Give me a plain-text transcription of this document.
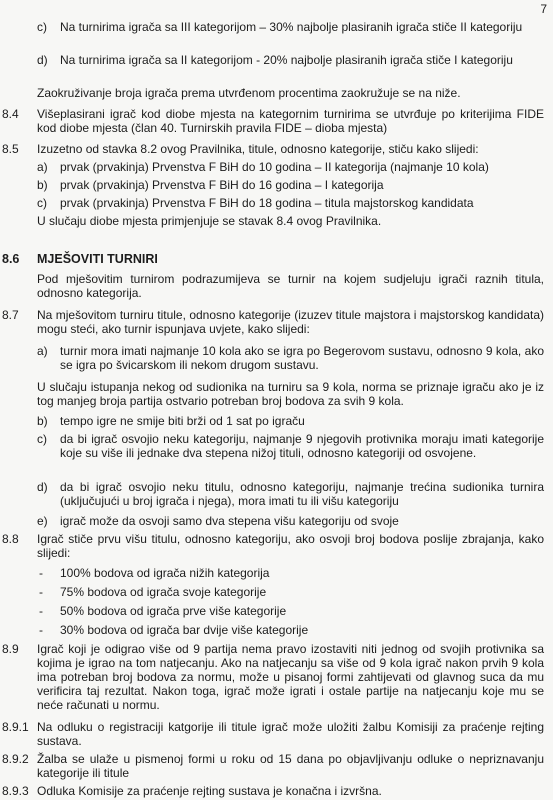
7
c) Na turnirima igrača sa III kategorijom – 30% najbolje plasiranih igrača stiče II kategoriju

d) Na turnirima igrača sa II kategorijom - 20% najbolje plasiranih igrača stiče I kategoriju

Zaokruživanje broja igrača prema utvrđenom procentima zaokružuje se na niže.

8.4	Višeplasirani igrač kod diobe mjesta na kategornim turnirima se utvrđuje po kriterijima FIDE kod diobe mjesta (član 40. Turnirskih pravila FIDE – dioba mjesta)

8.5	Izuzetno od stavka 8.2 ovog Pravilnika, titule, odnosno kategorije, stiču kako slijedi:

a) prvak (prvakinja) Prvenstva F BiH do 10 godina – II kategorija (najmanje 10 kola)

b) prvak (prvakinja) Prvenstva F BiH do 16 godina – I kategorija

c) prvak (prvakinja) Prvenstva F BiH do 18 godina – titula majstorskog kandidata

U slučaju diobe mjesta primjenjuje se stavak 8.4 ovog Pravilnika.

8.6	MJEŠOVITI TURNIRI

Pod mješovitim turnirom podrazumijeva se turnir na kojem sudjeluju igrači raznih titula, odnosno kategorija.

8.7	Na mješovitom turniru titule, odnosno kategorije (izuzev titule majstora i majstorskog kandidata) mogu steći, ako turnir ispunjava uvjete, kako slijedi:

a) turnir mora imati najmanje 10 kola ako se igra po Begerovom sustavu, odnosno 9 kola, ako se igra po švicarskom ili nekom drugom sustavu.

U slučaju istupanja nekog od sudionika na turniru sa 9 kola, norma se priznaje igraču ako je iz tog manjeg broja partija ostvario potreban broj bodova za svih 9 kola.

b) tempo igre ne smije biti brži od 1 sat po igraču

c) da bi igrač osvojio neku kategoriju, najmanje 9 njegovih protivnika moraju imati kategorije koje su više ili jednake dva stepena nižoj tituli, odnosno kategoriji od osvojene.

d) da bi igrač osvojio neku titulu, odnosno kategoriju, najmanje trećina sudionika turnira (uključujući u broj igrača i njega), mora imati tu ili višu kategoriju

e) igrač može da osvoji samo dva stepena višu kategoriju od svoje

8.8	Igrač stiče prvu višu titulu, odnosno kategoriju, ako osvoji broj bodova poslije zbrajanja, kako slijedi:

- 100% bodova od igrača nižih kategorija

- 75% bodova od igrača svoje kategorije

- 50% bodova od igrača prve više kategorije

- 30% bodova od igrača bar dvije više kategorije

8.9	Igrač koji je odigrao više od 9 partija nema pravo izostaviti niti jednog od svojih protivnika sa kojima je igrao na tom natjecanju. Ako na natjecanju sa više od 9 kola igrač nakon prvih 9 kola ima potreban broj bodova za normu, može u pisanoj formi zahtijevati od glavnog suca da mu verificira taj rezultat. Nakon toga, igrač može igrati i ostale partije na natjecanju koje mu se neće računati u normu.

8.9.1 Na odluku o registraciji katgorije ili titule igrač može uložiti žalbu Komisiji za praćenje rejting sustava.

8.9.2 Žalba se ulaže u pismenoj formi u roku od 15 dana po objavljivanju odluke o nepriznavanju kategorije ili titule

8.9.3 Odluka Komisije za praćenje rejting sustava je konačna i izvršna.
